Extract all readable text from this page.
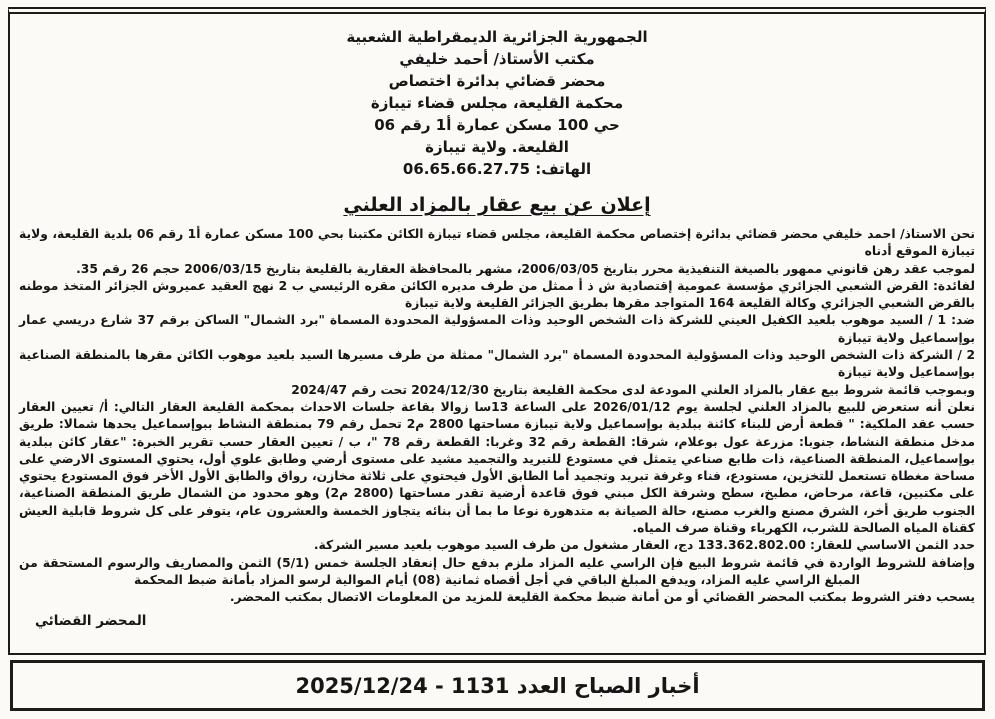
الجمهورية الجزائرية الديمقراطية الشعبية
مكتب الأستاذ/ أحمد خليفي
محضر قضائي بدائرة اختصاص
محكمة القليعة، مجلس قضاء تيبازة
حي 100 مسكن عمارة أ1 رقم 06
القليعة. ولاية تيبازة
الهاتف: 06.65.66.27.75
إعلان عن بيع عقار بالمزاد العلني
نحن الاستاذ/ احمد خليفي محضر قضائي بدائرة إختصاص محكمة القليعة، مجلس قضاء تيبازة الكائن مكتبنا بحي 100 مسكن عمارة أ1 رقم 06 بلدية القليعة، ولاية تيبازة الموقع أدناه
لموجب عقد رهن قانوني ممهور بالصيغة التنفيذية محرر بتاريخ 2006/03/05، مشهر بالمحافظة العقارية بالقليعة بتاريخ 2006/03/15 حجم 26 رقم 35.
لفائدة: القرض الشعبي الجزائري مؤسسة عمومية إقتصادية ش ذ أ ممثل من طرف مديره الكائن مقره الرئيسي ب 2 نهج العقيد عميروش الجزائر المتخذ موطنه بالقرض الشعبي الجزائري وكالة القليعة 164 المتواجد مقرها بطريق الجزائر القليعة ولاية تيبازة
ضد: 1 / السيد موهوب بلعيد الكفيل العيني للشركة ذات الشخص الوحيد وذات المسؤولية المحدودة المسماة "برد الشمال" الساكن برقم 37 شارع دريسي عمار بوإسماعيل ولاية تيبازة
2 / الشركة ذات الشخص الوحيد وذات المسؤولية المحدودة المسماة "برد الشمال" ممثلة من طرف مسيرها السيد بلعيد موهوب الكائن مقرها بالمنطقة الصناعية بوإسماعيل ولاية تيبازة
وبموجب قائمة شروط بيع عقار بالمزاد العلني المودعة لدى محكمة القليعة بتاريخ 2024/12/30 تحت رقم 2024/47
نعلن أنه ستعرض للبيع بالمزاد العلني لجلسة يوم 2026/01/12 على الساعة 13سا زوالا بقاعة جلسات الاحداث بمحكمة القليعة العقار التالي: أ/ تعيين العقار حسب عقد الملكية: " قطعة أرض للبناء كائنة ببلدية بوإسماعيل ولاية تيبازة مساحتها 2800 م2 تحمل رقم 79 بمنطقة النشاط ببوإسماعيل يحدها شمالا: طريق مدخل منطقة النشاط، جنوبا: مزرعة عول بوعلام، شرقا: القطعة رقم 32 وغربا: القطعة رقم 78 "، ب / تعيين العقار حسب تقرير الخبرة: "عقار كائن ببلدية بوإسماعيل، المنطقة الصناعية، ذات طابع صناعي يتمثل في مستودع للتبريد والتجميد مشيد على مستوى أرضي وطابق علوي أول، يحتوي المستوى الارضي على مساحة مغطاة تستعمل للتخزين، مستودع، فناء وغرفة تبريد وتجميد أما الطابق الأول فيحتوي على ثلاثة مخازن، رواق والطابق الأول الأخر فوق المستودع يحتوي على مكتبين، قاعة، مرحاض، مطبخ، سطح وشرفة الكل مبني فوق قاعدة أرضية تقدر مساحتها (2800 م2) وهو محدود من الشمال طريق المنطقة الصناعية، الجنوب طريق أخر، الشرق مصنع والغرب مصنع، حالة الصيانة به متدهورة نوعا ما بما أن بنائه يتجاوز الخمسة والعشرون عام، يتوفر على كل شروط قابلية العيش كقناة المياه الصالحة للشرب، الكهرباء وقناة صرف المياه.
حدد الثمن الاساسي للعقار: 133.362.802.00 دج، العقار مشغول من طرف السيد موهوب بلعيد مسير الشركة.
وإضافة للشروط الواردة في قائمة شروط البيع فإن الراسي عليه المزاد ملزم بدفع حال إنعقاد الجلسة خمس (5/1) الثمن والمصاريف والرسوم المستحقة من المبلغ الراسي عليه المزاد، ويدفع المبلغ الباقي في أجل أقصاه ثمانية (08) أيام الموالية لرسو المزاد بأمانة ضبط المحكمة
يسحب دفتر الشروط بمكتب المحضر القضائي أو من أمانة ضبط محكمة القليعة للمزيد من المعلومات الاتصال بمكتب المحضر.
المحضر القضائي
أخبار الصباح العدد 1131 - 2025/12/24
